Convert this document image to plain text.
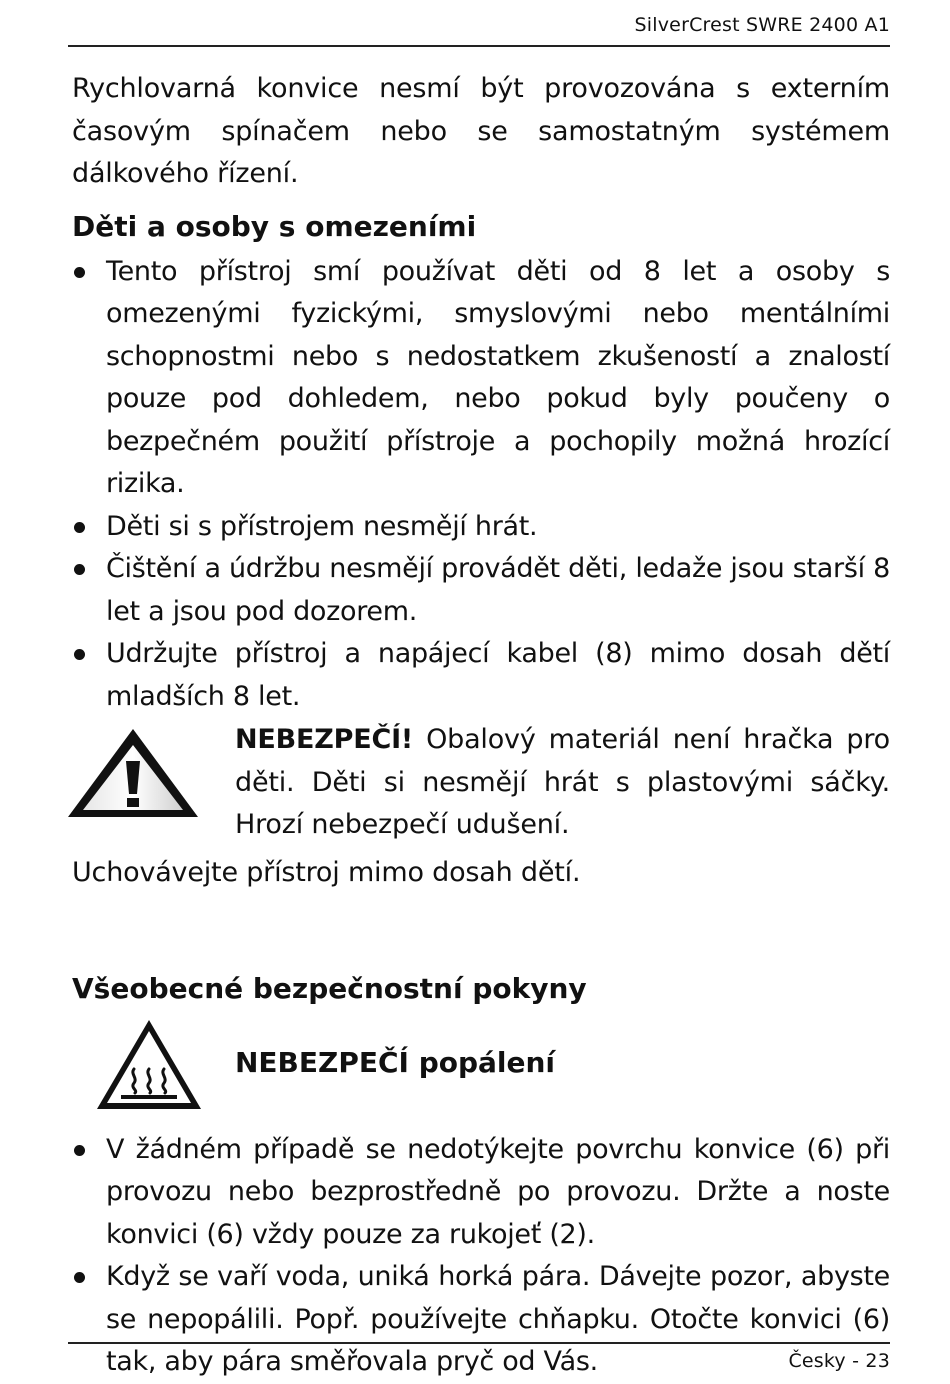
SilverCrest SWRE 2400 A1

Rychlovarná konvice nesmí být provozována s externím časovým spínačem nebo se samostatným systémem dálkového řízení.

Děti a osoby s omezeními
Tento přístroj smí používat děti od 8 let a osoby s omezenými fyzickými, smyslovými nebo mentálními schopnostmi nebo s nedostatkem zkušeností a znalostí pouze pod dohledem, nebo pokud byly poučeny o bezpečném použití přístroje a pochopily možná hrozící rizika.
Děti si s přístrojem nesmějí hrát.
Čištění a údržbu nesmějí provádět děti, ledaže jsou starší 8 let a jsou pod dozorem.
Udržujte přístroj a napájecí kabel (8) mimo dosah dětí mladších 8 let.
NEBEZPEČÍ! Obalový materiál není hračka pro děti. Děti si nesmějí hrát s plastovými sáčky. Hrozí nebezpečí udušení.

Uchovávejte přístroj mimo dosah dětí.

Všeobecné bezpečnostní pokyny
NEBEZPEČÍ popálení
V žádném případě se nedotýkejte povrchu konvice (6) při provozu nebo bezprostředně po provozu. Držte a noste konvici (6) vždy pouze za rukojeť (2).
Když se vaří voda, uniká horká pára. Dávejte pozor, abyste se nepopálili. Popř. používejte chňapku. Otočte konvici (6) tak, aby pára směřovala pryč od Vás.	Česky - 23
